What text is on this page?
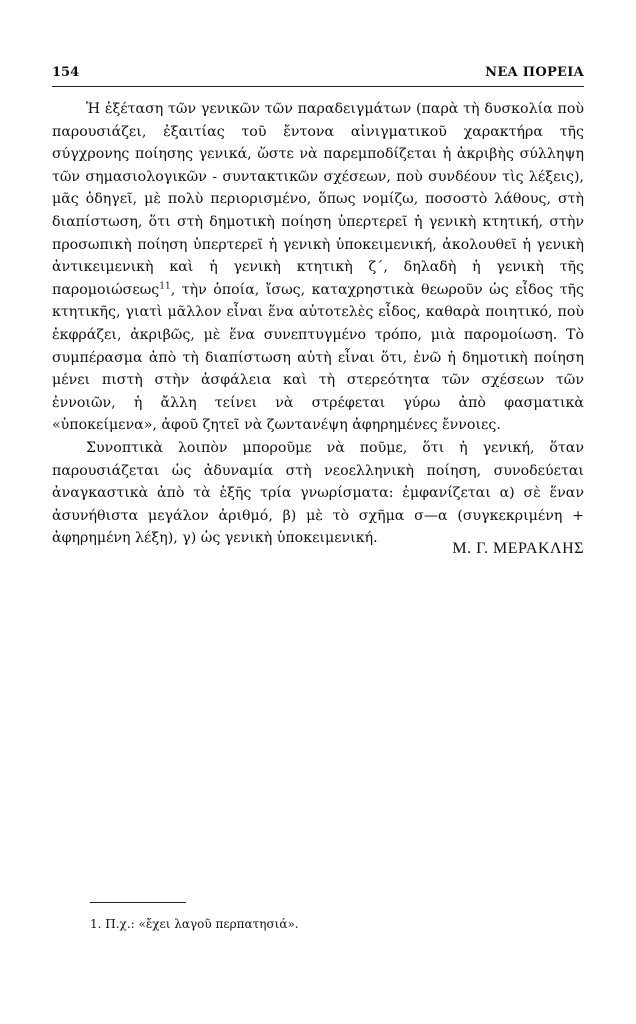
154	ΝΕΑ ΠΟΡΕΙΑ

Ἡ ἐξέταση τῶν γενικῶν τῶν παραδειγμάτων (παρὰ τὴ δυσκολία ποὺ παρουσιάζει, ἐξαιτίας τοῦ ἔντονα αἰνιγματικοῦ χαρακτήρα τῆς σύγχρονης ποίησης γενικά, ὥστε νὰ παρεμποδίζεται ἡ ἀκριβὴς σύλληψη τῶν σημασιολογικῶν - συντακτικῶν σχέσεων, ποὺ συνδέουν τὶς λέξεις), μᾶς ὁδηγεῖ, μὲ πολὺ περιορισμένο, ὅπως νομίζω, ποσοστὸ λάθους, στὴ διαπίστωση, ὅτι στὴ δημοτικὴ ποίηση ὑπερτερεῖ ἡ γενικὴ κτητική, στὴν προσωπικὴ ποίηση ὑπερτερεῖ ἡ γενικὴ ὑποκειμενική, ἀκολουθεῖ ἡ γενικὴ ἀντικειμενικὴ καὶ ἡ γενικὴ κτητικὴ ζ΄, δηλαδὴ ἡ γενικὴ τῆς παρομοιώσεως$^{11}$, τὴν ὁποία, ἴσως, καταχρηστικὰ θεωροῦν ὡς εἶδος τῆς κτητικῆς, γιατὶ μᾶλλον εἶναι ἕνα αὐτοτελὲς εἶδος, καθαρὰ ποιητικό, ποὺ ἐκφράζει, ἀκριβῶς, μὲ ἕνα συνεπτυγμένο τρόπο, μιὰ παρομοίωση. Τὸ συμπέρασμα ἀπὸ τὴ διαπίστωση αὐτὴ εἶναι ὅτι, ἐνῶ ἡ δημοτικὴ ποίηση μένει πιστὴ στὴν ἀσφάλεια καὶ τὴ στερεότητα τῶν σχέσεων τῶν ἐννοιῶν, ἡ ἄλλη τείνει νὰ στρέφεται γύρω ἀπὸ φασματικὰ «ὑποκείμενα», ἀφοῦ ζητεῖ νὰ ζωντανέψη ἀφηρημένες ἔννοιες.

Συνοπτικὰ λοιπὸν μποροῦμε νὰ ποῦμε, ὅτι ἡ γενική, ὅταν παρουσιάζεται ὡς ἀδυναμία στὴ νεοελληνικὴ ποίηση, συνοδεύεται ἀναγκαστικὰ ἀπὸ τὰ ἑξῆς τρία γνωρίσματα: ἐμφανίζεται α) σὲ ἕναν ἀσυνήθιστα μεγάλον ἀριθμό, β) μὲ τὸ σχῆμα σ—α (συγκεκριμένη + ἀφηρημένη λέξη), γ) ὡς γενικὴ ὑποκειμενική.

Μ. Γ. ΜΕΡΑΚΛΗΣ
1. Π.χ.: «ἔχει λαγοῦ περπατησιά».
